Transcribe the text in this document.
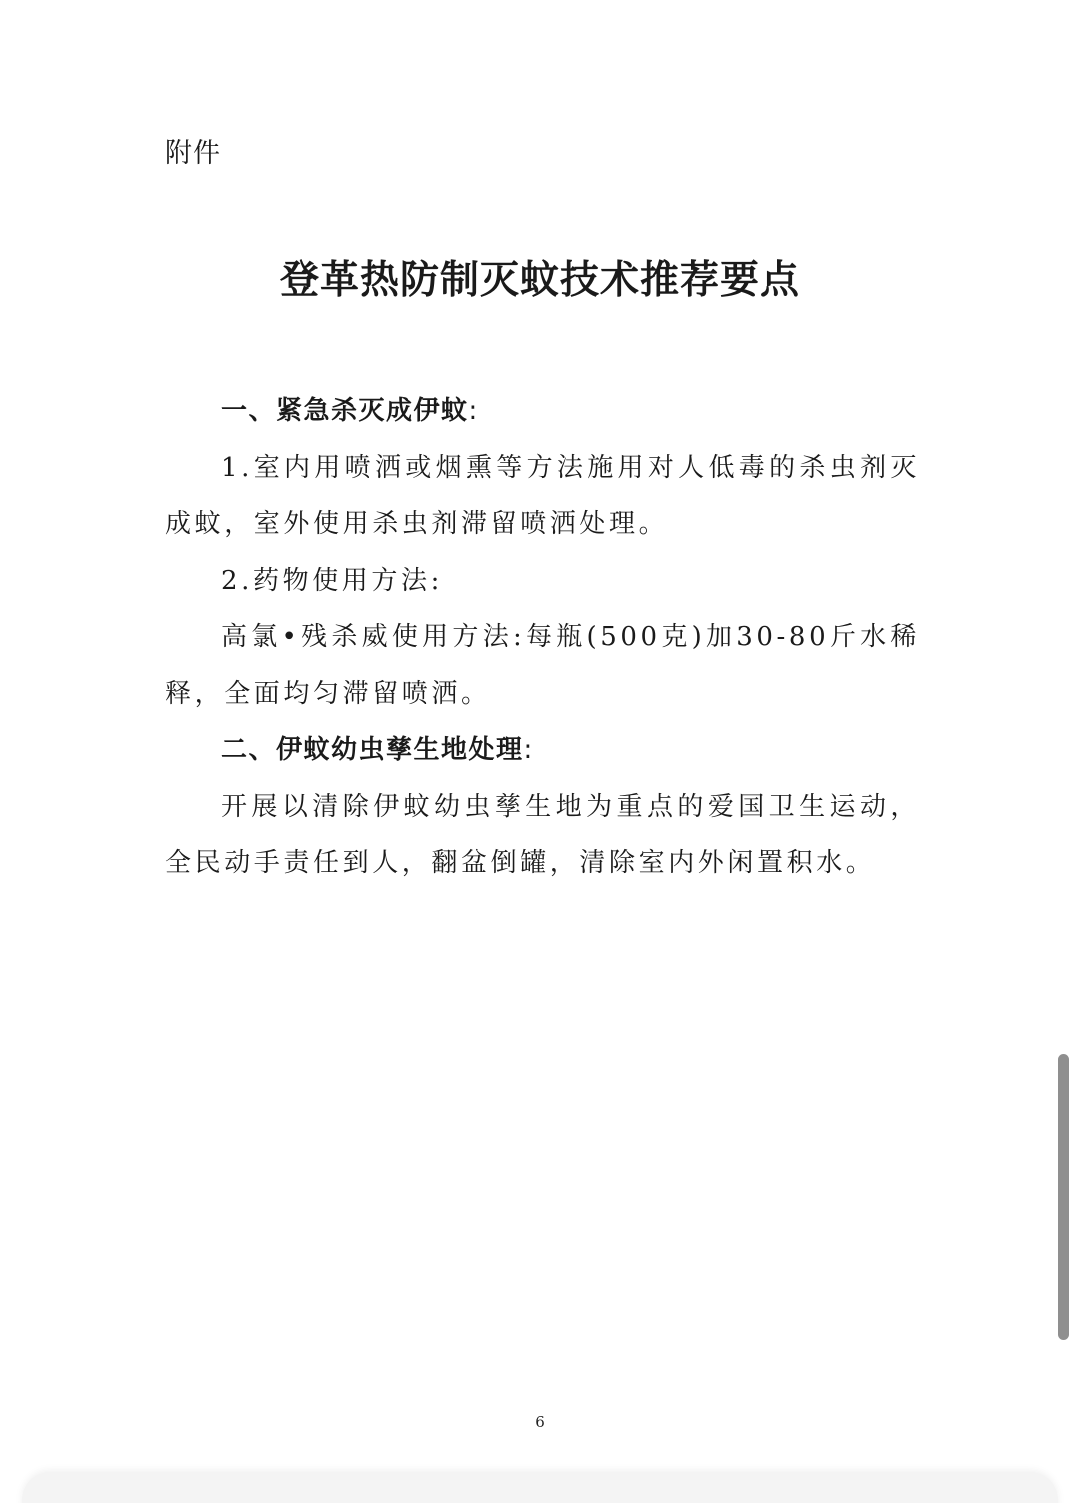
附件
登革热防制灭蚊技术推荐要点

一、紧急杀灭成伊蚊:

1.室内用喷洒或烟熏等方法施用对人低毒的杀虫剂灭成蚊，室外使用杀虫剂滞留喷洒处理。

2.药物使用方法:

高氯•残杀威使用方法:每瓶(500克)加30-80斤水稀释，全面均匀滞留喷洒。

二、伊蚊幼虫孳生地处理:

开展以清除伊蚊幼虫孳生地为重点的爱国卫生运动，全民动手责任到人，翻盆倒罐，清除室内外闲置积水。

6
